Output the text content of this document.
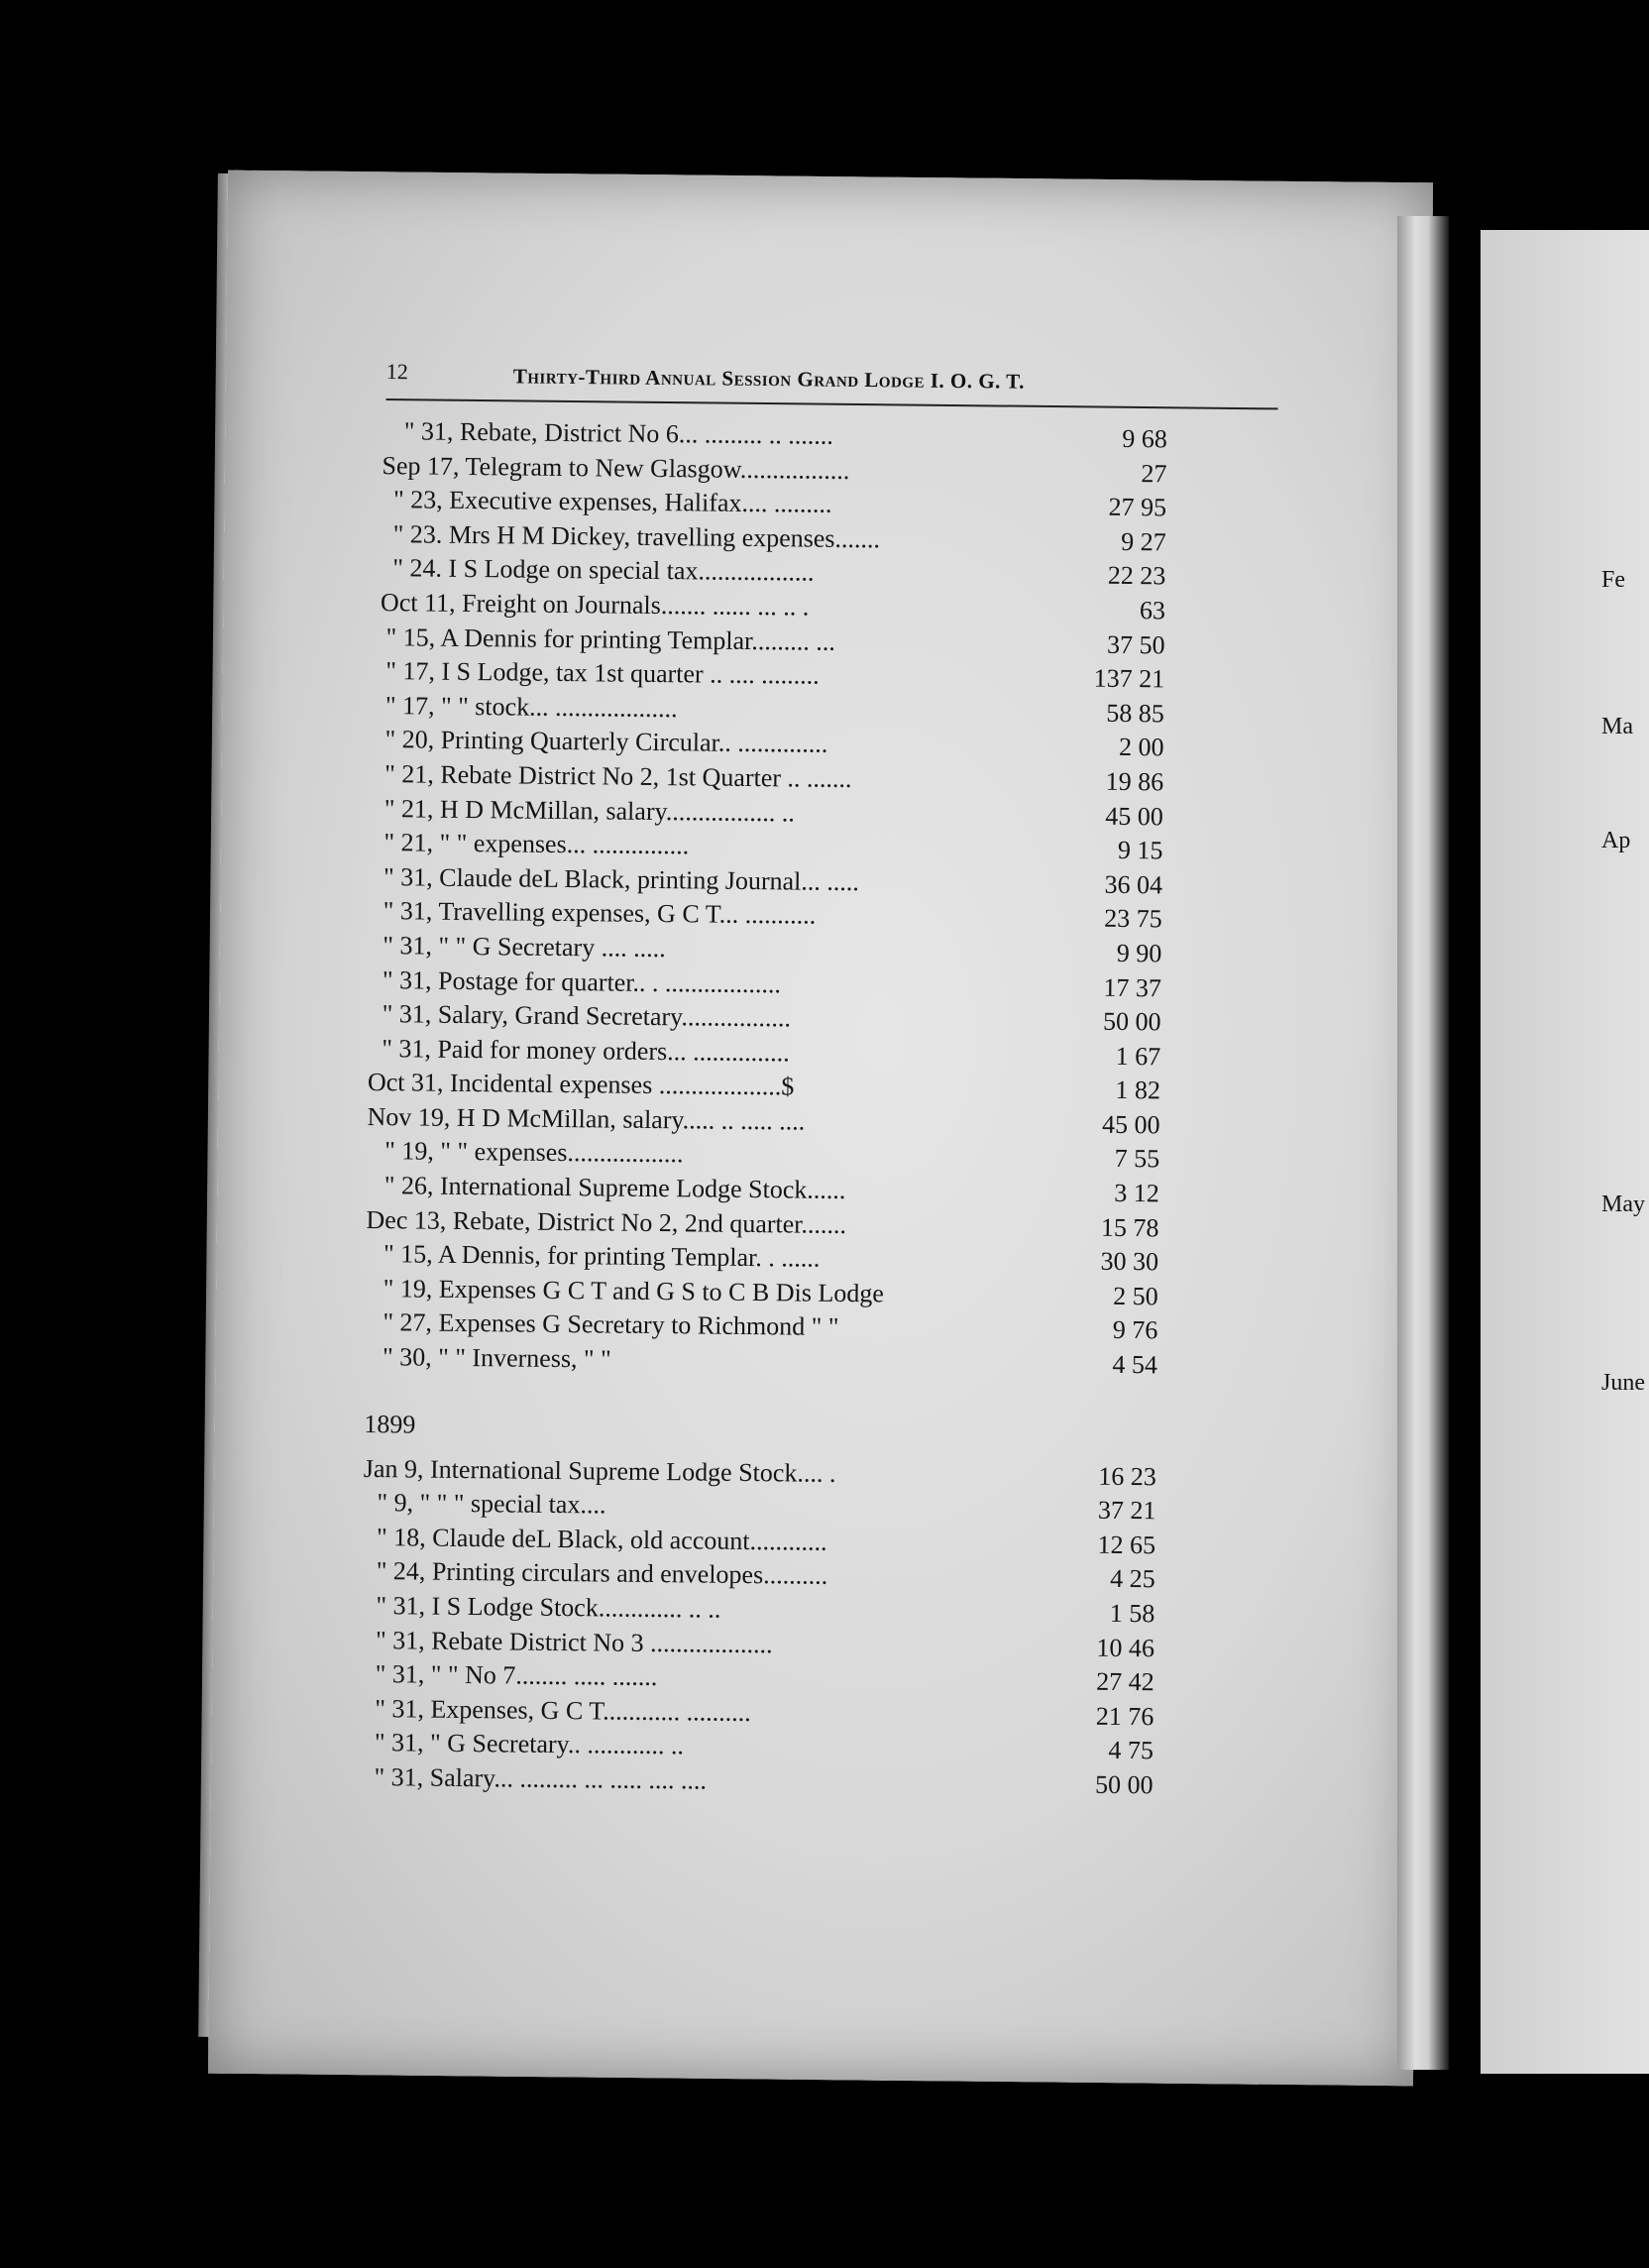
12	Thirty-Third Annual Session Grand Lodge I. O. G. T.
" 31, Rebate, District No 6... ......... .. .......	9 68
Sep 17, Telegram to New Glasgow.................	27
" 23, Executive expenses, Halifax.... .........	27 95
" 23. Mrs H M Dickey, travelling expenses.......	9 27
" 24. I S Lodge on special tax..................	22 23
Oct 11, Freight on Journals....... ...... ... .. .	63
" 15, A Dennis for printing Templar......... ...	37 50
" 17, I S Lodge, tax 1st quarter .. .... .........	137 21
" 17, " " stock... ...................	58 85
" 20, Printing Quarterly Circular.. ..............	2 00
" 21, Rebate District No 2, 1st Quarter .. .......	19 86
" 21, H D McMillan, salary................. ..	45 00
" 21, " " expenses... ...............	9 15
" 31, Claude deL Black, printing Journal... .....	36 04
" 31, Travelling expenses, G C T... ...........	23 75
" 31, " " G Secretary .... .....	9 90
" 31, Postage for quarter.. . ..................	17 37
" 31, Salary, Grand Secretary.................	50 00
" 31, Paid for money orders... ...............	1 67
Oct 31, Incidental expenses ...................$	1 82
Nov 19, H D McMillan, salary..... .. ..... ....	45 00
" 19, " " expenses..................	7 55
" 26, International Supreme Lodge Stock......	3 12
Dec 13, Rebate, District No 2, 2nd quarter.......	15 78
" 15, A Dennis, for printing Templar. . ......	30 30
" 19, Expenses G C T and G S to C B Dis Lodge	2 50
" 27, Expenses G Secretary to Richmond " "	9 76
" 30, " " Inverness, " "	4 54
1899
Jan 9, International Supreme Lodge Stock.... .	16 23
" 9, " " " special tax....	37 21
" 18, Claude deL Black, old account............	12 65
" 24, Printing circulars and envelopes..........	4 25
" 31, I S Lodge Stock............. .. ..	1 58
" 31, Rebate District No 3 ...................	10 46
" 31, " " No 7........ ..... .......	27 42
" 31, Expenses, G C T............ ..........	21 76
" 31, " G Secretary.. ............ ..	4 75
" 31, Salary... ......... ... ..... .... ....	50 00
Fe
Ma
Ap
May
June
